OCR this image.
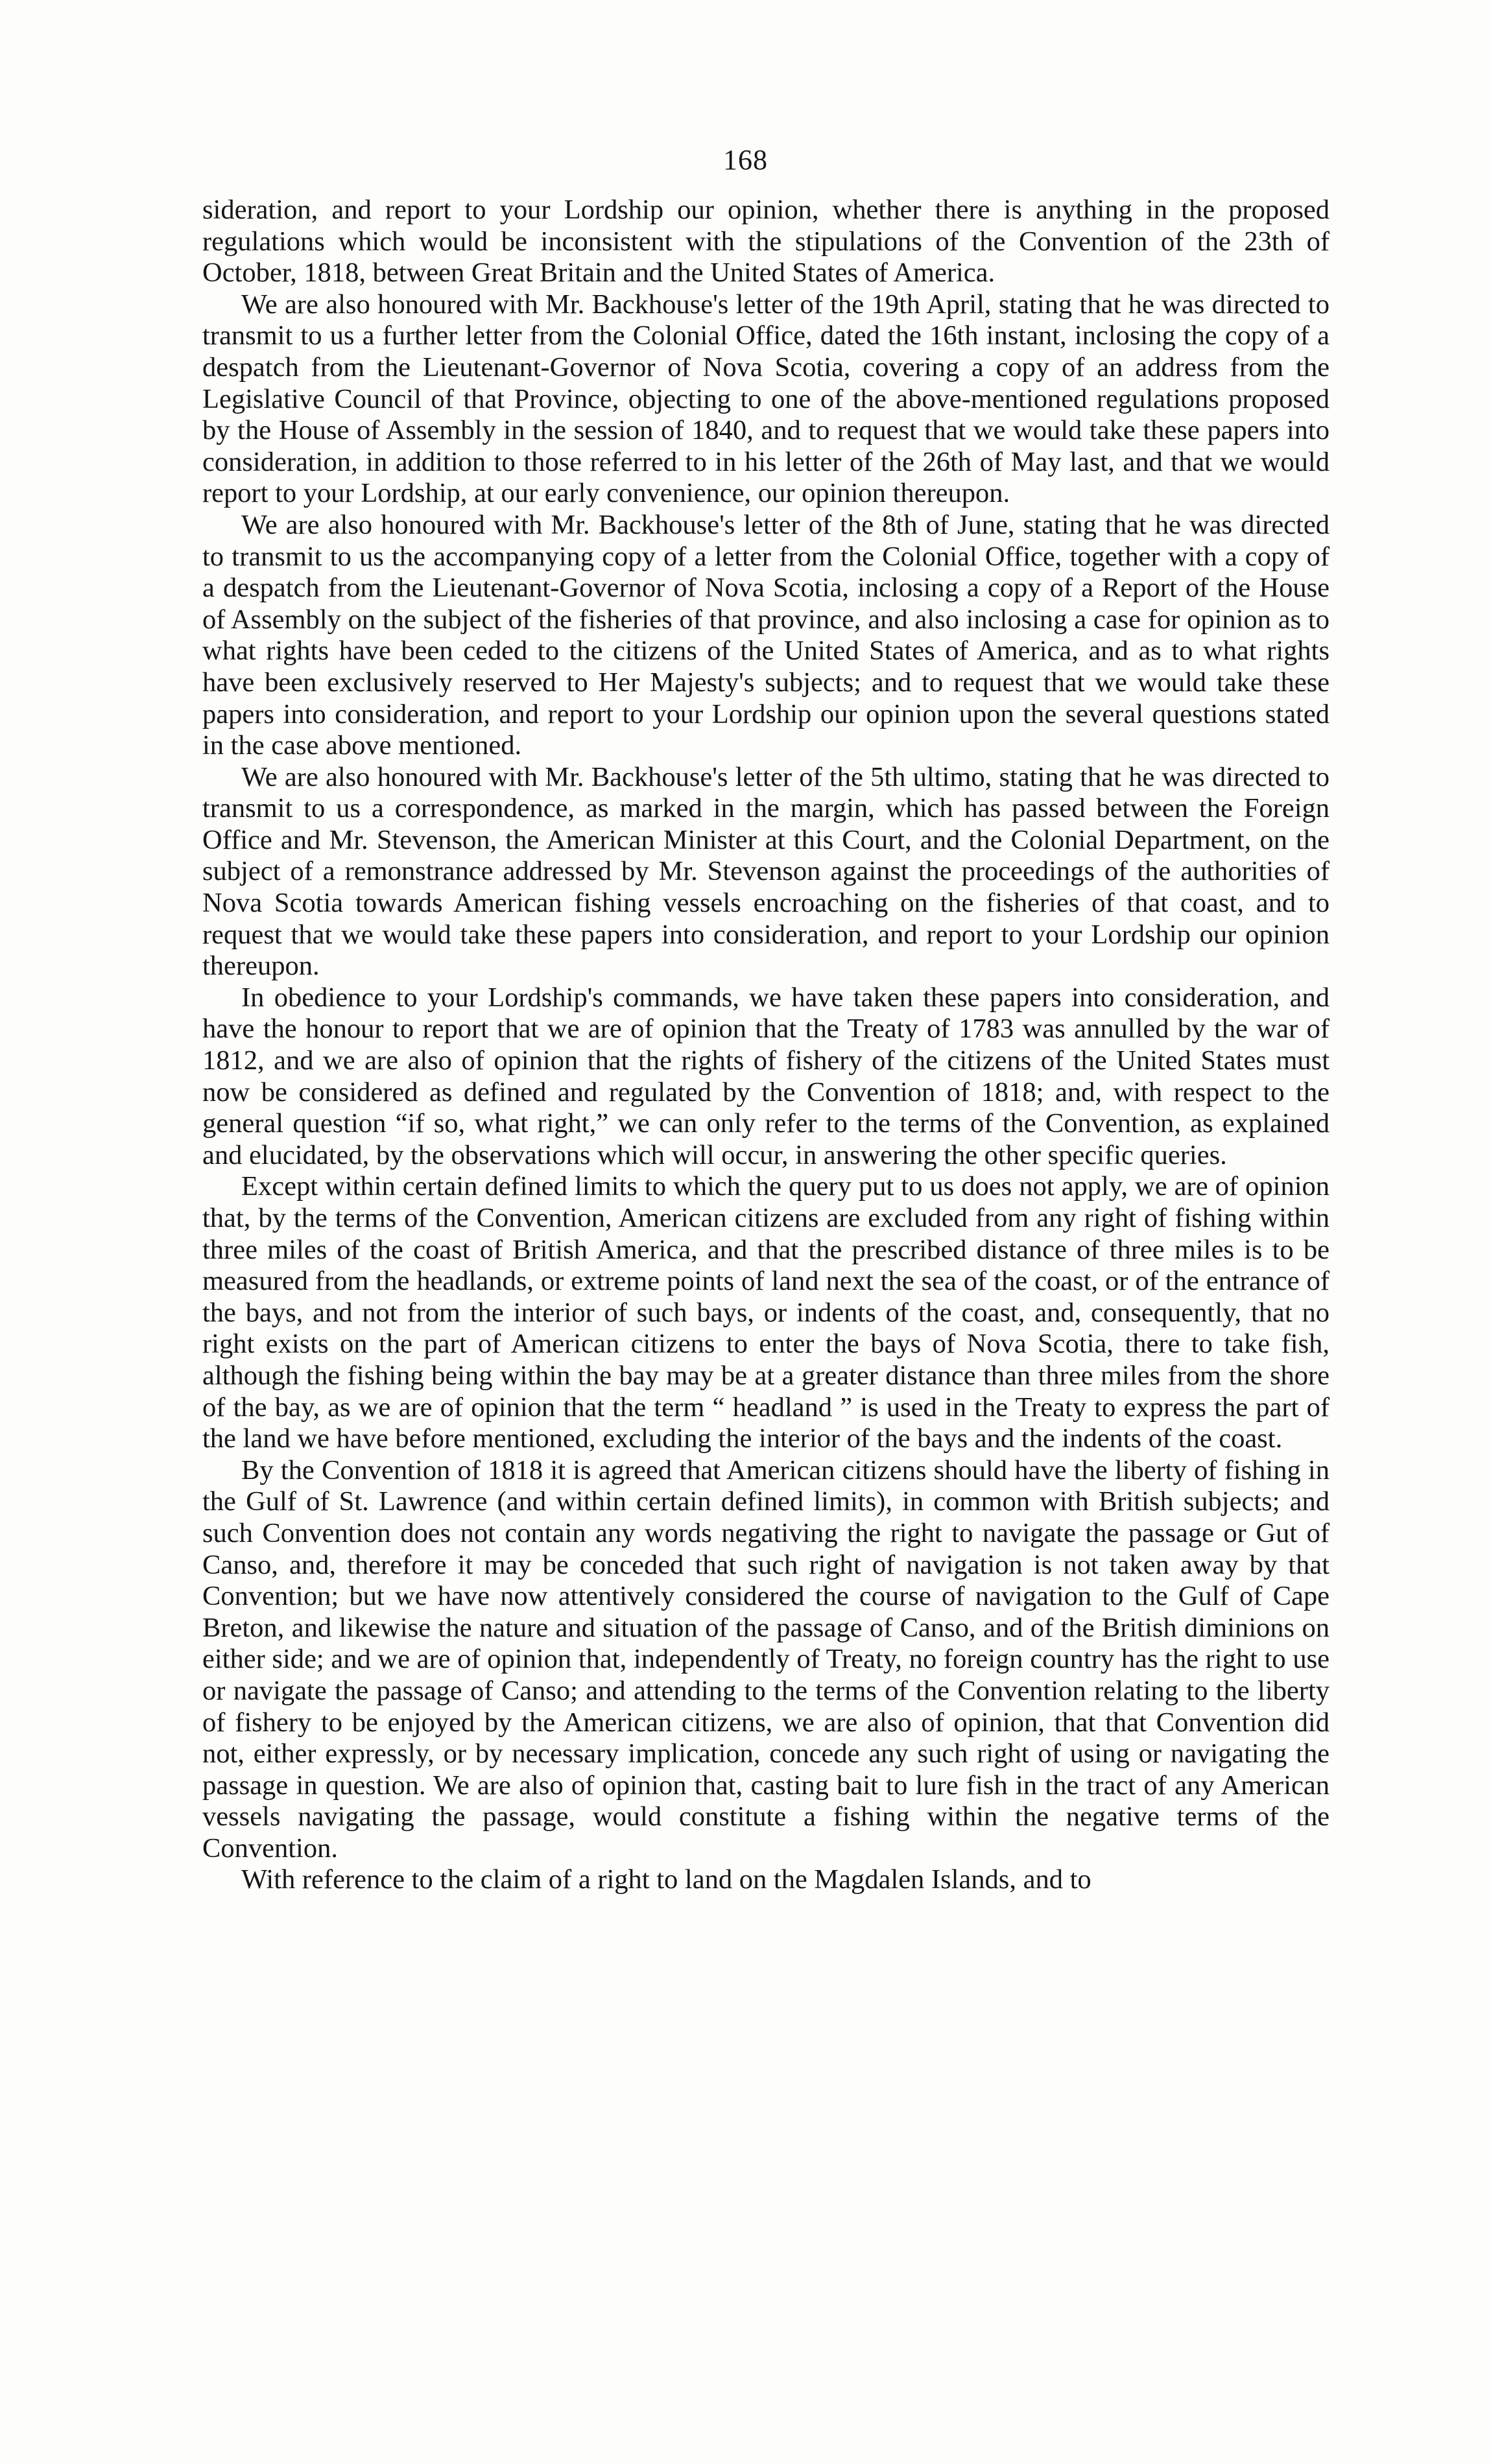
168

sideration, and report to your Lordship our opinion, whether there is anything in the proposed regulations which would be inconsistent with the stipulations of the Convention of the 23th of October, 1818, between Great Britain and the United States of America.

We are also honoured with Mr. Backhouse's letter of the 19th April, stating that he was directed to transmit to us a further letter from the Colonial Office, dated the 16th instant, inclosing the copy of a despatch from the Lieutenant-Governor of Nova Scotia, covering a copy of an address from the Legislative Council of that Province, objecting to one of the above-mentioned regulations proposed by the House of Assembly in the session of 1840, and to request that we would take these papers into consideration, in addition to those referred to in his letter of the 26th of May last, and that we would report to your Lordship, at our early convenience, our opinion thereupon.

We are also honoured with Mr. Backhouse's letter of the 8th of June, stating that he was directed to transmit to us the accompanying copy of a letter from the Colonial Office, together with a copy of a despatch from the Lieutenant-Governor of Nova Scotia, inclosing a copy of a Report of the House of Assembly on the subject of the fisheries of that province, and also inclosing a case for opinion as to what rights have been ceded to the citizens of the United States of America, and as to what rights have been exclusively reserved to Her Majesty's subjects; and to request that we would take these papers into consideration, and report to your Lordship our opinion upon the several questions stated in the case above mentioned.

We are also honoured with Mr. Backhouse's letter of the 5th ultimo, stating that he was directed to transmit to us a correspondence, as marked in the margin, which has passed between the Foreign Office and Mr. Stevenson, the American Minister at this Court, and the Colonial Department, on the subject of a remonstrance addressed by Mr. Stevenson against the proceedings of the authorities of Nova Scotia towards American fishing vessels encroaching on the fisheries of that coast, and to request that we would take these papers into consideration, and report to your Lordship our opinion thereupon.

In obedience to your Lordship's commands, we have taken these papers into consideration, and have the honour to report that we are of opinion that the Treaty of 1783 was annulled by the war of 1812, and we are also of opinion that the rights of fishery of the citizens of the United States must now be considered as defined and regulated by the Convention of 1818; and, with respect to the general question “if so, what right,” we can only refer to the terms of the Convention, as explained and elucidated, by the observations which will occur, in answering the other specific queries.

Except within certain defined limits to which the query put to us does not apply, we are of opinion that, by the terms of the Convention, American citizens are excluded from any right of fishing within three miles of the coast of British America, and that the prescribed distance of three miles is to be measured from the headlands, or extreme points of land next the sea of the coast, or of the entrance of the bays, and not from the interior of such bays, or indents of the coast, and, consequently, that no right exists on the part of American citizens to enter the bays of Nova Scotia, there to take fish, although the fishing being within the bay may be at a greater distance than three miles from the shore of the bay, as we are of opinion that the term “ headland ” is used in the Treaty to express the part of the land we have before mentioned, excluding the interior of the bays and the indents of the coast.

By the Convention of 1818 it is agreed that American citizens should have the liberty of fishing in the Gulf of St. Lawrence (and within certain defined limits), in common with British subjects; and such Convention does not contain any words negativing the right to navigate the passage or Gut of Canso, and, therefore it may be conceded that such right of navigation is not taken away by that Convention; but we have now attentively considered the course of navigation to the Gulf of Cape Breton, and likewise the nature and situation of the passage of Canso, and of the British diminions on either side; and we are of opinion that, independently of Treaty, no foreign country has the right to use or navigate the passage of Canso; and attending to the terms of the Convention relating to the liberty of fishery to be enjoyed by the American citizens, we are also of opinion, that that Convention did not, either expressly, or by necessary implication, concede any such right of using or navigating the passage in question. We are also of opinion that, casting bait to lure fish in the tract of any American vessels navigating the passage, would constitute a fishing within the negative terms of the Convention.

With reference to the claim of a right to land on the Magdalen Islands, and to
